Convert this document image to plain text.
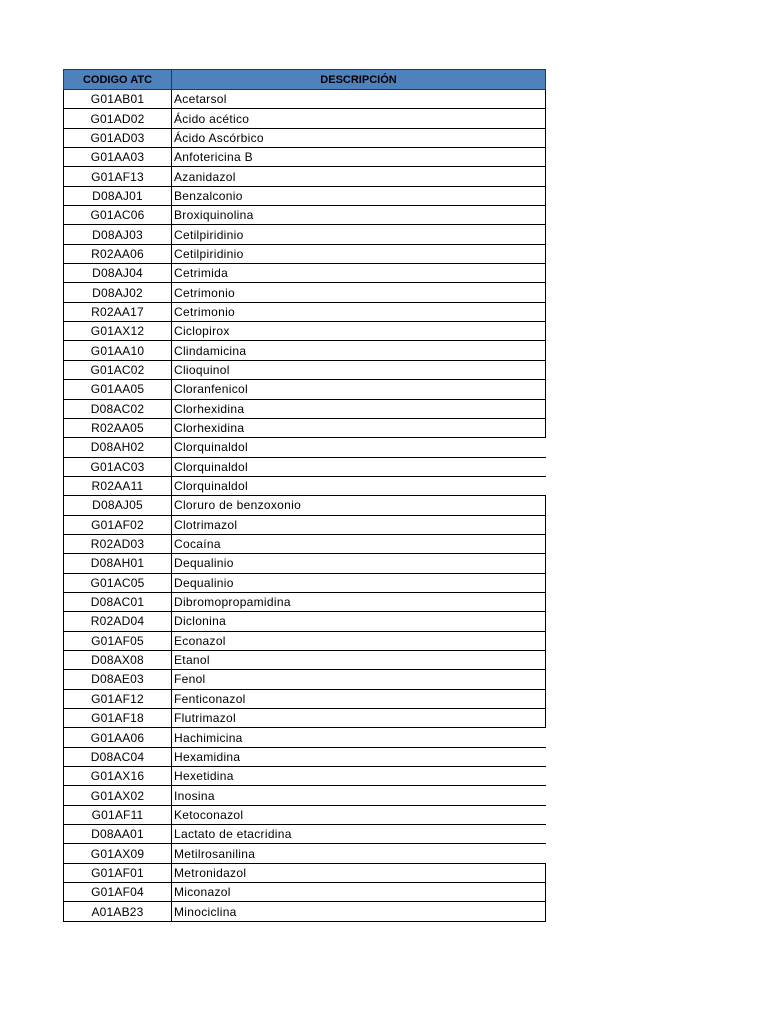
CODIGO ATC	DESCRIPCIÓN
G01AB01	Acetarsol
G01AD02	Ácido acético
G01AD03	Ácido Ascórbico
G01AA03	Anfotericina B
G01AF13	Azanidazol
D08AJ01	Benzalconio
G01AC06	Broxiquinolina
D08AJ03	Cetilpiridinio
R02AA06	Cetilpiridinio
D08AJ04	Cetrimida
D08AJ02	Cetrimonio
R02AA17	Cetrimonio
G01AX12	Ciclopirox
G01AA10	Clindamicina
G01AC02	Clioquinol
G01AA05	Cloranfenicol
D08AC02	Clorhexidina
R02AA05	Clorhexidina
D08AH02	Clorquinaldol
G01AC03	Clorquinaldol
R02AA11	Clorquinaldol
D08AJ05	Cloruro de benzoxonio
G01AF02	Clotrimazol
R02AD03	Cocaína
D08AH01	Dequalinio
G01AC05	Dequalinio
D08AC01	Dibromopropamidina
R02AD04	Diclonina
G01AF05	Econazol
D08AX08	Etanol
D08AE03	Fenol
G01AF12	Fenticonazol
G01AF18	Flutrimazol
G01AA06	Hachimicina
D08AC04	Hexamidina
G01AX16	Hexetidina
G01AX02	Inosina
G01AF11	Ketoconazol
D08AA01	Lactato de etacridina
G01AX09	Metilrosanilina
G01AF01	Metronidazol
G01AF04	Miconazol
A01AB23	Minociclina
